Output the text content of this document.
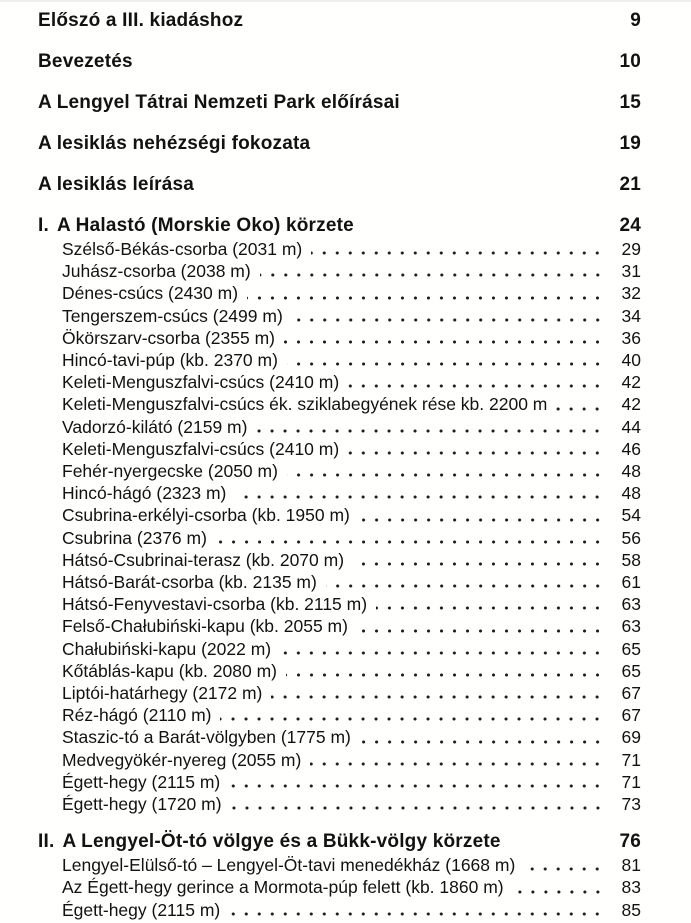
Előszó a III. kiadáshoz	9
Bevezetés	10
A Lengyel Tátrai Nemzeti Park előírásai	15
A lesiklás nehézségi fokozata	19
A lesiklás leírása	21
I. A Halastó (Morskie Oko) körzete	24
Szélső-Békás-csorba (2031 m)	29
Juhász-csorba (2038 m)	31
Dénes-csúcs (2430 m)	32
Tengerszem-csúcs (2499 m)	34
Ökörszarv-csorba (2355 m)	36
Hincó-tavi-púp (kb. 2370 m)	40
Keleti-Menguszfalvi-csúcs (2410 m)	42
Keleti-Menguszfalvi-csúcs ék. sziklabegyének rése kb. 2200 m	42
Vadorzó-kilátó (2159 m)	44
Keleti-Menguszfalvi-csúcs (2410 m)	46
Fehér-nyergecske (2050 m)	48
Hincó-hágó (2323 m)	48
Csubrina-erkélyi-csorba (kb. 1950 m)	54
Csubrina (2376 m)	56
Hátsó-Csubrinai-terasz (kb. 2070 m)	58
Hátsó-Barát-csorba (kb. 2135 m)	61
Hátsó-Fenyvestavi-csorba (kb. 2115 m)	63
Felső-Chałubiński-kapu (kb. 2055 m)	63
Chałubiński-kapu (2022 m)	65
Kőtáblás-kapu (kb. 2080 m)	65
Liptói-határhegy (2172 m)	67
Réz-hágó (2110 m)	67
Staszic-tó a Barát-völgyben (1775 m)	69
Medvegyökér-nyereg (2055 m)	71
Égett-hegy (2115 m)	71
Égett-hegy (1720 m)	73
II. A Lengyel-Öt-tó völgye és a Bükk-völgy körzete	76
Lengyel-Elülső-tó – Lengyel-Öt-tavi menedékház (1668 m)	81
Az Égett-hegy gerince a Mormota-púp felett (kb. 1860 m)	83
Égett-hegy (2115 m)	85
